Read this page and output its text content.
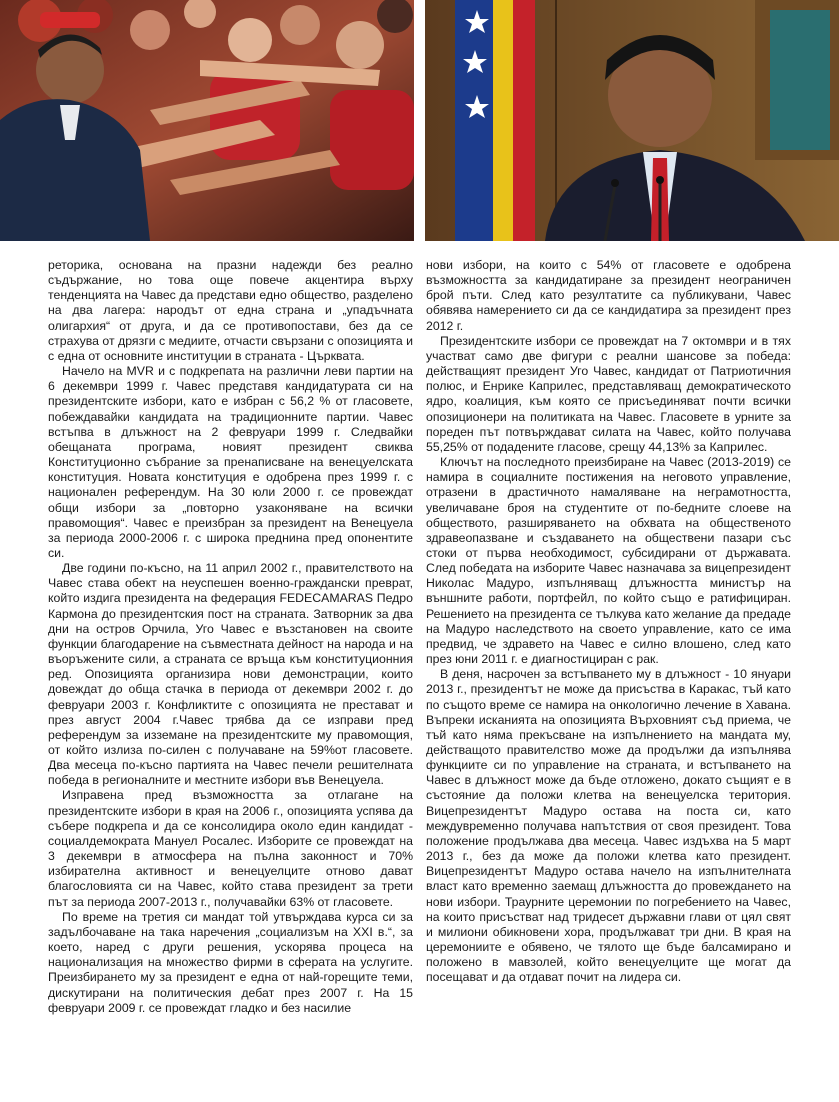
реторика, основана на празни надежди без реално съдържание, но това още повече акцентира върху тенденцията на Чавес да представи едно общество, разделено на два лагера: народът от една страна и „упадъчната олигархия“ от друга, и да се противопостави, без да се страхува от дрязги с медиите, отчасти свързани с опозицията и с една от основните институции в страната - Църквата.

Начело на MVR и с подкрепата на различни леви партии на 6 декември 1999 г. Чавес представя кандидатурата си на президентските избори, като е избран с 56,2 % от гласовете, побеждавайки кандидата на традиционните партии. Чавес встъпва в длъжност на 2 февруари 1999 г. Следвайки обещаната програма, новият президент свиква Конституционно събрание за пренаписване на венецуелската конституция. Новата конституция е одобрена през 1999 г. с национален референдум. На 30 юли 2000 г. се провеждат общи избори за „повторно узаконяване на всички правомощия“. Чавес е преизбран за президент на Венецуела за периода 2000-2006 г. с широка преднина пред опонентите си.

Две години по-късно, на 11 април 2002 г., правителството на Чавес става обект на неуспешен военно-граждански преврат, който издига президента на федерация FEDECAMARAS Педро Кармона до президентския пост на страната. Затворник за два дни на остров Орчила, Уго Чавес е възстановен на своите функции благодарение на съвместната дейност на народа и на въоръжените сили, а страната се връща към конституционния ред. Опозицията организира нови демонстрации, които довеждат до обща стачка в периода от декември 2002 г. до февруари 2003 г. Конфликтите с опозицията не престават и през август 2004 г.Чавес трябва да се изправи пред референдум за изземане на президентските му правомощия, от който излиза по-силен с получаване на 59%от гласовете. Два месеца по-късно партията на Чавес печели решителната победа в регионалните и местните избори във Венецуела.

Изправена пред възможността за отлагане на президентските избори в края на 2006 г., опозицията успява да събере подкрепа и да се консолидира около един кандидат - социалдемократа Мануел Росалес. Изборите се провеждат на 3 декември в атмосфера на пълна законност и 70% избирателна активност и венецуелците отново дават благословията си на Чавес, който става президент за трети път за периода 2007-2013 г., получавайки 63% от гласовете.

По време на третия си мандат той утвърждава курса си за задълбочаване на така наречения „социализъм на XXI в.“, за което, наред с други решения, ускорява процеса на национализация на множество фирми в сферата на услугите. Преизбирането му за президент е една от най-горещите теми, дискутирани на политическия дебат през 2007 г. На 15 февруари 2009 г. се провеждат гладко и без насилие

нови избори, на които с 54% от гласовете е одобрена възможността за кандидатиране за президент неограничен брой пъти. След като резултатите са публикувани, Чавес обявява намерението си да се кандидатира за президент през 2012 г.

Президентските избори се провеждат на 7 октомври и в тях участват само две фигури с реални шансове за победа: действащият президент Уго Чавес, кандидат от Патриотичния полюс, и Енрике Каприлес, представляващ демократическото ядро, коалиция, към която се присъединяват почти всички опозиционери на политиката на Чавес. Гласовете в урните за пореден път потвърждават силата на Чавес, който получава 55,25% от подадените гласове, срещу 44,13% за Каприлес.

Ключът на последното преизбиране на Чавес (2013-2019) се намира в социалните постижения на неговото управление, отразени в драстичното намаляване на неграмотността, увеличаване броя на студентите от по-бедните слоеве на обществото, разширяването на обхвата на общественото здравеопазване и създаването на обществени пазари със стоки от първа необходимост, субсидирани от държавата. След победата на изборите Чавес назначава за вицепрезидент Николас Мадуро, изпълняващ длъжността министър на външните работи, портфейл, по който също е ратифициран. Решението на президента се тълкува като желание да предаде на Мадуро наследството на своето управление, като се има предвид, че здравето на Чавес е силно влошено, след като през юни 2011 г. е диагностициран с рак.

В деня, насрочен за встъпването му в длъжност - 10 януари 2013 г., президентът не може да присъства в Каракас, тъй като по същото време се намира на онкологично лечение в Хавана. Въпреки исканията на опозицията Върховният съд приема, че тъй като няма прекъсване на изпълнението на мандата му, действащото правителство може да продължи да изпълнява функциите си по управление на страната, и встъпването на Чавес в длъжност може да бъде отложено, докато същият е в състояние да положи клетва на венецуелска територия. Вицепрезидентът Мадуро остава на поста си, като междувременно получава напътствия от своя президент. Това положение продължава два месеца. Чавес издъхва на 5 март 2013 г., без да може да положи клетва като президент. Вицепрезидентът Мадуро остава начело на изпълнителната власт като временно заемащ длъжността до провеждането на нови избори. Траурните церемонии по погребението на Чавес, на които присъстват над тридесет държавни глави от цял свят и милиони обикновени хора, продължават три дни. В края на церемониите е обявено, че тялото ще бъде балсамирано и положено в мавзолей, който венецуелците ще могат да посещават и да отдават почит на лидера си.
